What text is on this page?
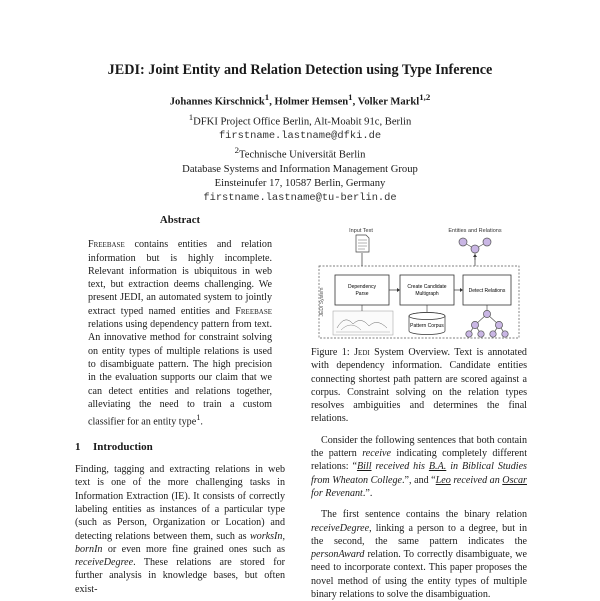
JEDI: Joint Entity and Relation Detection using Type Inference
Johannes Kirschnick$^1$, Holmer Hemsen$^1$, Volker Markl$^{1,2}$
$^1$DFKI Project Office Berlin, Alt-Moabit 91c, Berlin
firstname.lastname@dfki.de
$^2$Technische Universität Berlin
Database Systems and Information Management Group
Einsteinufer 17, 10587 Berlin, Germany
firstname.lastname@tu-berlin.de
Abstract

Freebase contains entities and relation information but is highly incomplete. Relevant information is ubiquitous in web text, but extraction deems challenging. We present JEDI, an automated system to jointly extract typed named entities and Freebase relations using dependency pattern from text. An innovative method for constraint solving on entity types of multiple relations is used to disambiguate pattern. The high precision in the evaluation supports our claim that we can detect entities and relations together, alleviating the need to train a custom classifier for an entity type$^1$.

1 Introduction

Finding, tagging and extracting relations in web text is one of the more challenging tasks in Information Extraction (IE). It consists of correctly labeling entities as instances of a particular type (such as Person, Organization or Location) and detecting relations between them, such as worksIn, bornIn or even more fine grained ones such as receiveDegree. These relations are stored for further analysis in knowledge bases, but often exist-

Input Text	Entities and Relations
JEDI System
Dependency
Parse
Create Candidate
Multigraph	Detect Relations
Pattern Corpus

Figure 1: Jedi System Overview. Text is annotated with dependency information. Candidate entities connecting shortest path pattern are scored against a corpus. Constraint solving on the relation types resolves ambiguities and determines the final relations.

Consider the following sentences that both contain the pattern receive indicating completely different relations: “Bill received his B.A. in Biblical Studies from Wheaton College.”, and “Leo received an Oscar for Revenant.”.

The first sentence contains the binary relation receiveDegree, linking a person to a degree, but in the second, the same pattern indicates the personAward relation. To correctly disambiguate, we need to incorporate context. This paper proposes the novel method of using the entity types of multiple binary relations to solve the disambiguation.
